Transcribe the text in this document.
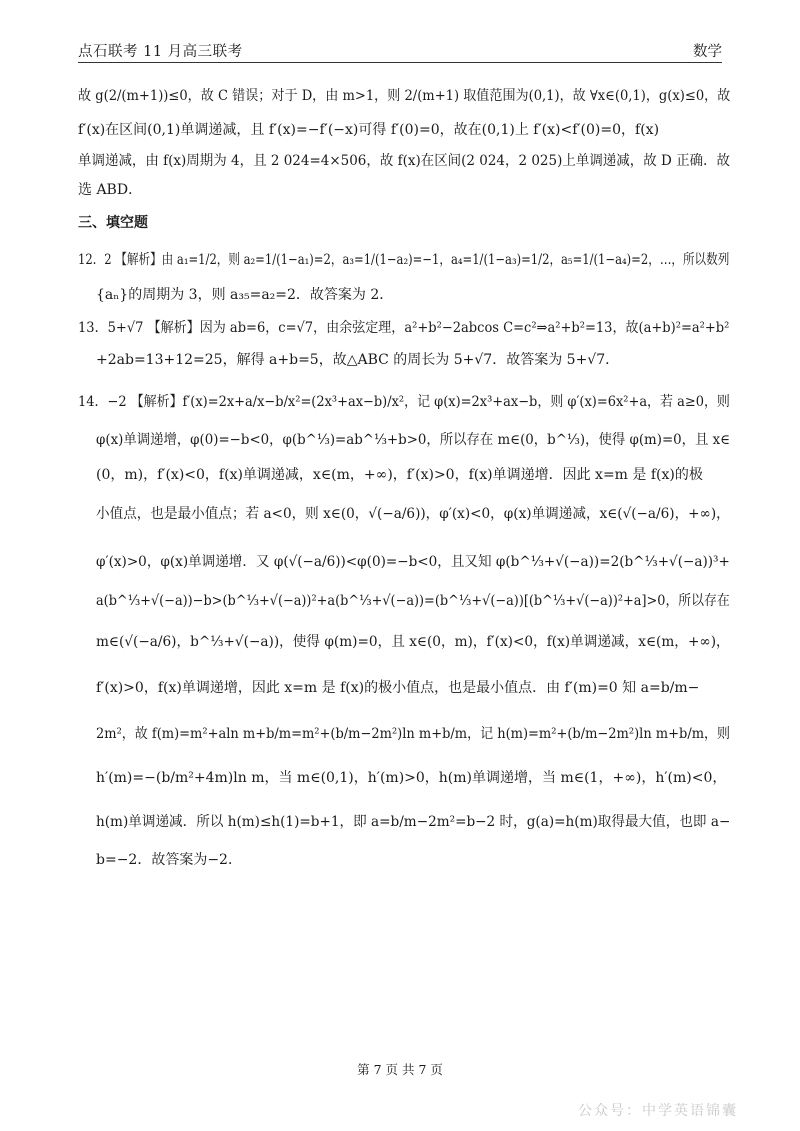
点石联考 11 月高三联考	数学
故 g(2/(m+1))≤0，故 C 错误；对于 D，由 m>1，则 2/(m+1) 取值范围为(0,1)，故 ∀x∈(0,1)，g(x)≤0，故
f′(x)在区间(0,1)单调递减，且 f′(x)=−f′(−x)可得 f′(0)=0，故在(0,1)上 f′(x)<f′(0)=0，f(x)
单调递减，由 f(x)周期为 4，且 2 024=4×506，故 f(x)在区间(2 024，2 025)上单调递减，故 D 正确．故
选 ABD．
三、填空题
12．2 【解析】由 a₁=1/2，则 a₂=1/(1−a₁)=2，a₃=1/(1−a₂)=−1，a₄=1/(1−a₃)=1/2，a₅=1/(1−a₄)=2，…，所以数列
{aₙ}的周期为 3，则 a₃₅=a₂=2．故答案为 2．
13．5+√7 【解析】因为 ab=6，c=√7，由余弦定理，a²+b²−2abcos C=c²⇒a²+b²=13，故(a+b)²=a²+b²
+2ab=13+12=25，解得 a+b=5，故△ABC 的周长为 5+√7．故答案为 5+√7．
14．−2 【解析】f′(x)=2x+a/x−b/x²=(2x³+ax−b)/x²，记 φ(x)=2x³+ax−b，则 φ′(x)=6x²+a，若 a≥0，则
φ(x)单调递增，φ(0)=−b<0，φ(b^⅓)=ab^⅓+b>0，所以存在 m∈(0，b^⅓)，使得 φ(m)=0，且 x∈
(0，m)，f′(x)<0，f(x)单调递减，x∈(m，+∞)，f′(x)>0，f(x)单调递增．因此 x=m 是 f(x)的极
小值点，也是最小值点；若 a<0，则 x∈(0，√(−a/6))，φ′(x)<0，φ(x)单调递减，x∈(√(−a/6)，+∞)，
φ′(x)>0，φ(x)单调递增．又 φ(√(−a/6))<φ(0)=−b<0，且又知 φ(b^⅓+√(−a))=2(b^⅓+√(−a))³+
a(b^⅓+√(−a))−b>(b^⅓+√(−a))²+a(b^⅓+√(−a))=(b^⅓+√(−a))[(b^⅓+√(−a))²+a]>0，所以存在
m∈(√(−a/6)，b^⅓+√(−a))，使得 φ(m)=0，且 x∈(0，m)，f′(x)<0，f(x)单调递减，x∈(m，+∞)，
f′(x)>0，f(x)单调递增，因此 x=m 是 f(x)的极小值点，也是最小值点．由 f′(m)=0 知 a=b/m−
2m²，故 f(m)=m²+aln m+b/m=m²+(b/m−2m²)ln m+b/m，记 h(m)=m²+(b/m−2m²)ln m+b/m，则
h′(m)=−(b/m²+4m)ln m，当 m∈(0,1)，h′(m)>0，h(m)单调递增，当 m∈(1，+∞)，h′(m)<0，
h(m)单调递减．所以 h(m)≤h(1)=b+1，即 a=b/m−2m²=b−2 时，g(a)=h(m)取得最大值，也即 a−
b=−2．故答案为−2．
第 7 页 共 7 页
公众号：中学英语锦囊
